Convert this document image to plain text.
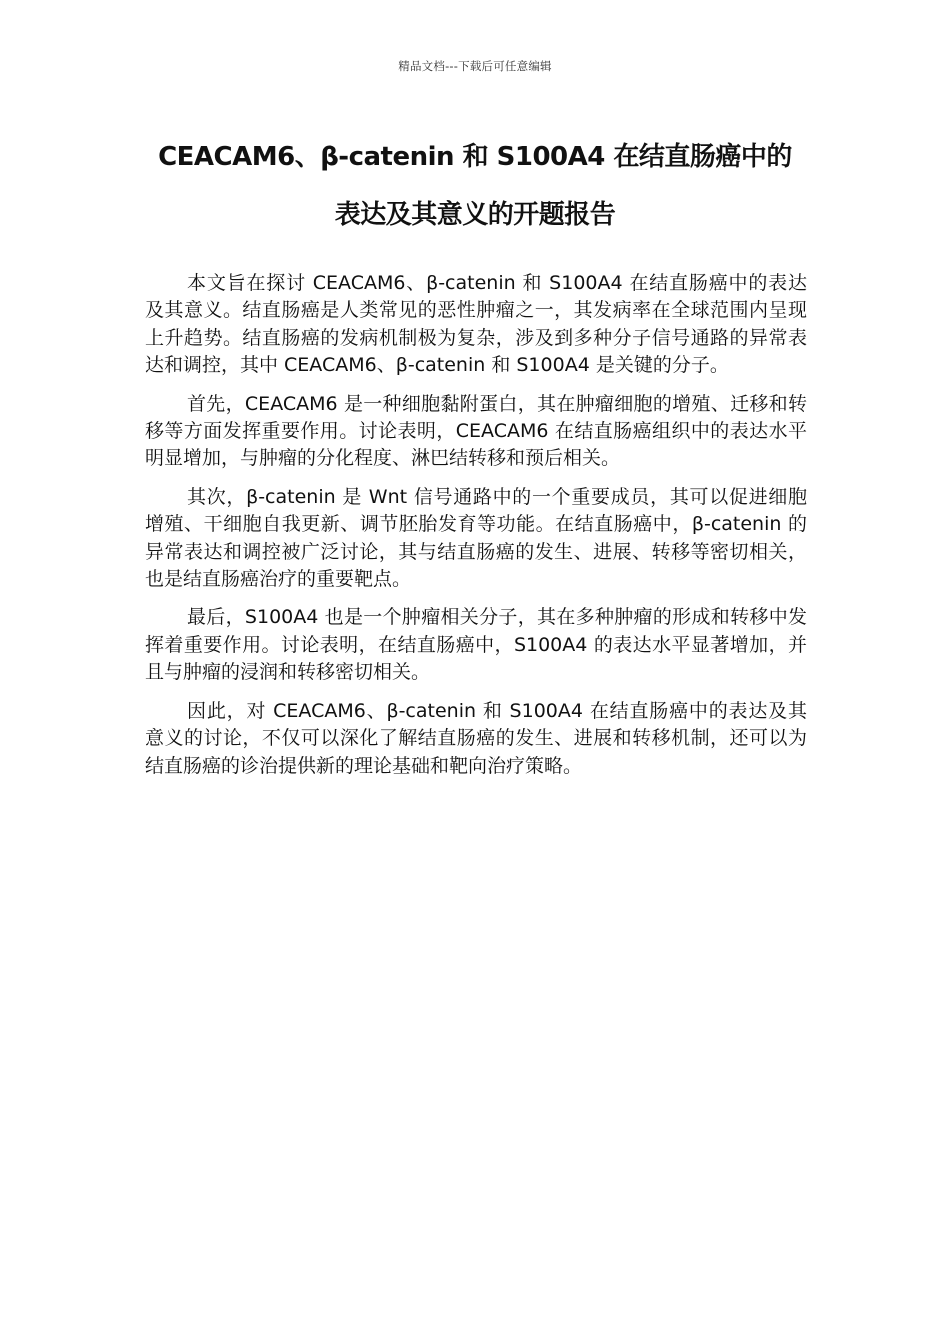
精品文档---下载后可任意编辑
CEACAM6、β-catenin 和 S100A4 在结直肠癌中的
表达及其意义的开题报告

本文旨在探讨 CEACAM6、β-catenin 和 S100A4 在结直肠癌中的表达及其意义。结直肠癌是人类常见的恶性肿瘤之一，其发病率在全球范围内呈现上升趋势。结直肠癌的发病机制极为复杂，涉及到多种分子信号通路的异常表达和调控，其中 CEACAM6、β-catenin 和 S100A4 是关键的分子。

首先，CEACAM6 是一种细胞黏附蛋白，其在肿瘤细胞的增殖、迁移和转移等方面发挥重要作用。讨论表明，CEACAM6 在结直肠癌组织中的表达水平明显增加，与肿瘤的分化程度、淋巴结转移和预后相关。

其次，β-catenin 是 Wnt 信号通路中的一个重要成员，其可以促进细胞增殖、干细胞自我更新、调节胚胎发育等功能。在结直肠癌中，β-catenin 的异常表达和调控被广泛讨论，其与结直肠癌的发生、进展、转移等密切相关，也是结直肠癌治疗的重要靶点。

最后，S100A4 也是一个肿瘤相关分子，其在多种肿瘤的形成和转移中发挥着重要作用。讨论表明，在结直肠癌中，S100A4 的表达水平显著增加，并且与肿瘤的浸润和转移密切相关。

因此，对 CEACAM6、β-catenin 和 S100A4 在结直肠癌中的表达及其意义的讨论，不仅可以深化了解结直肠癌的发生、进展和转移机制，还可以为结直肠癌的诊治提供新的理论基础和靶向治疗策略。
